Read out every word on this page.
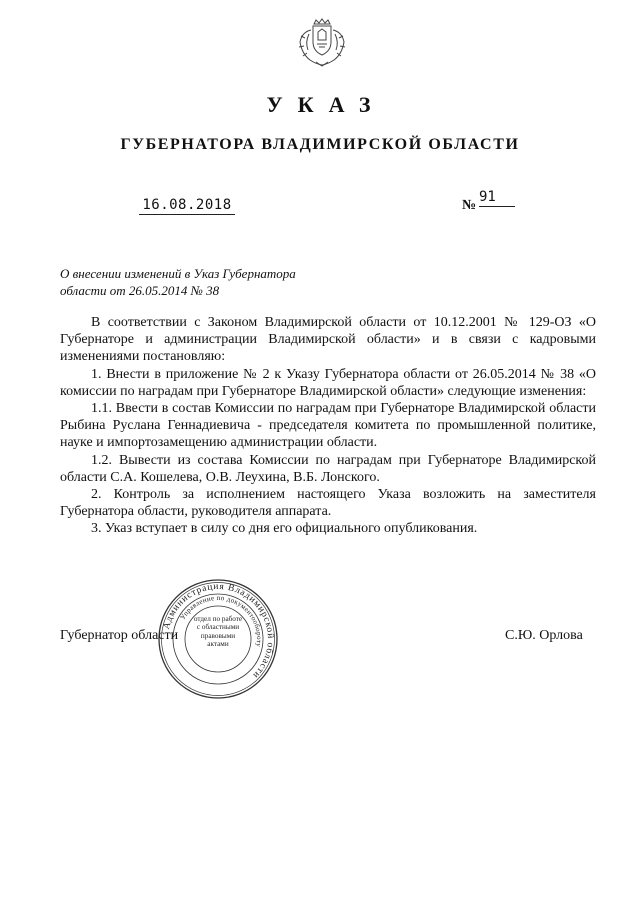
УКАЗ
ГУБЕРНАТОРА ВЛАДИМИРСКОЙ ОБЛАСТИ
16.08.2018	№
91
О внесении изменений в Указ Губернатора
области от 26.05.2014 № 38

В соответствии с Законом Владимирской области от 10.12.2001 № 129-ОЗ «О Губернаторе и администрации Владимирской области» и в связи с кадровыми изменениями постановляю:

1. Внести в приложение № 2 к Указу Губернатора области от 26.05.2014 № 38 «О комиссии по наградам при Губернаторе Владимирской области» следующие изменения:

1.1. Ввести в состав Комиссии по наградам при Губернаторе Владимирской области Рыбина Руслана Геннадиевича - председателя комитета по промышленной политике, науке и импортозамещению администрации области.

1.2. Вывести из состава Комиссии по наградам при Губернаторе Владимирской области С.А. Кошелева, О.В. Леухина, В.Б. Лонского.

2. Контроль за исполнением настоящего Указа возложить на заместителя Губернатора области, руководителя аппарата.

3. Указ вступает в силу со дня его официального опубликования.

Губернатор области	С.Ю. Орлова
Администрация Владимирской области
Управление по документообороту
отдел по работе с областными правовыми актами
